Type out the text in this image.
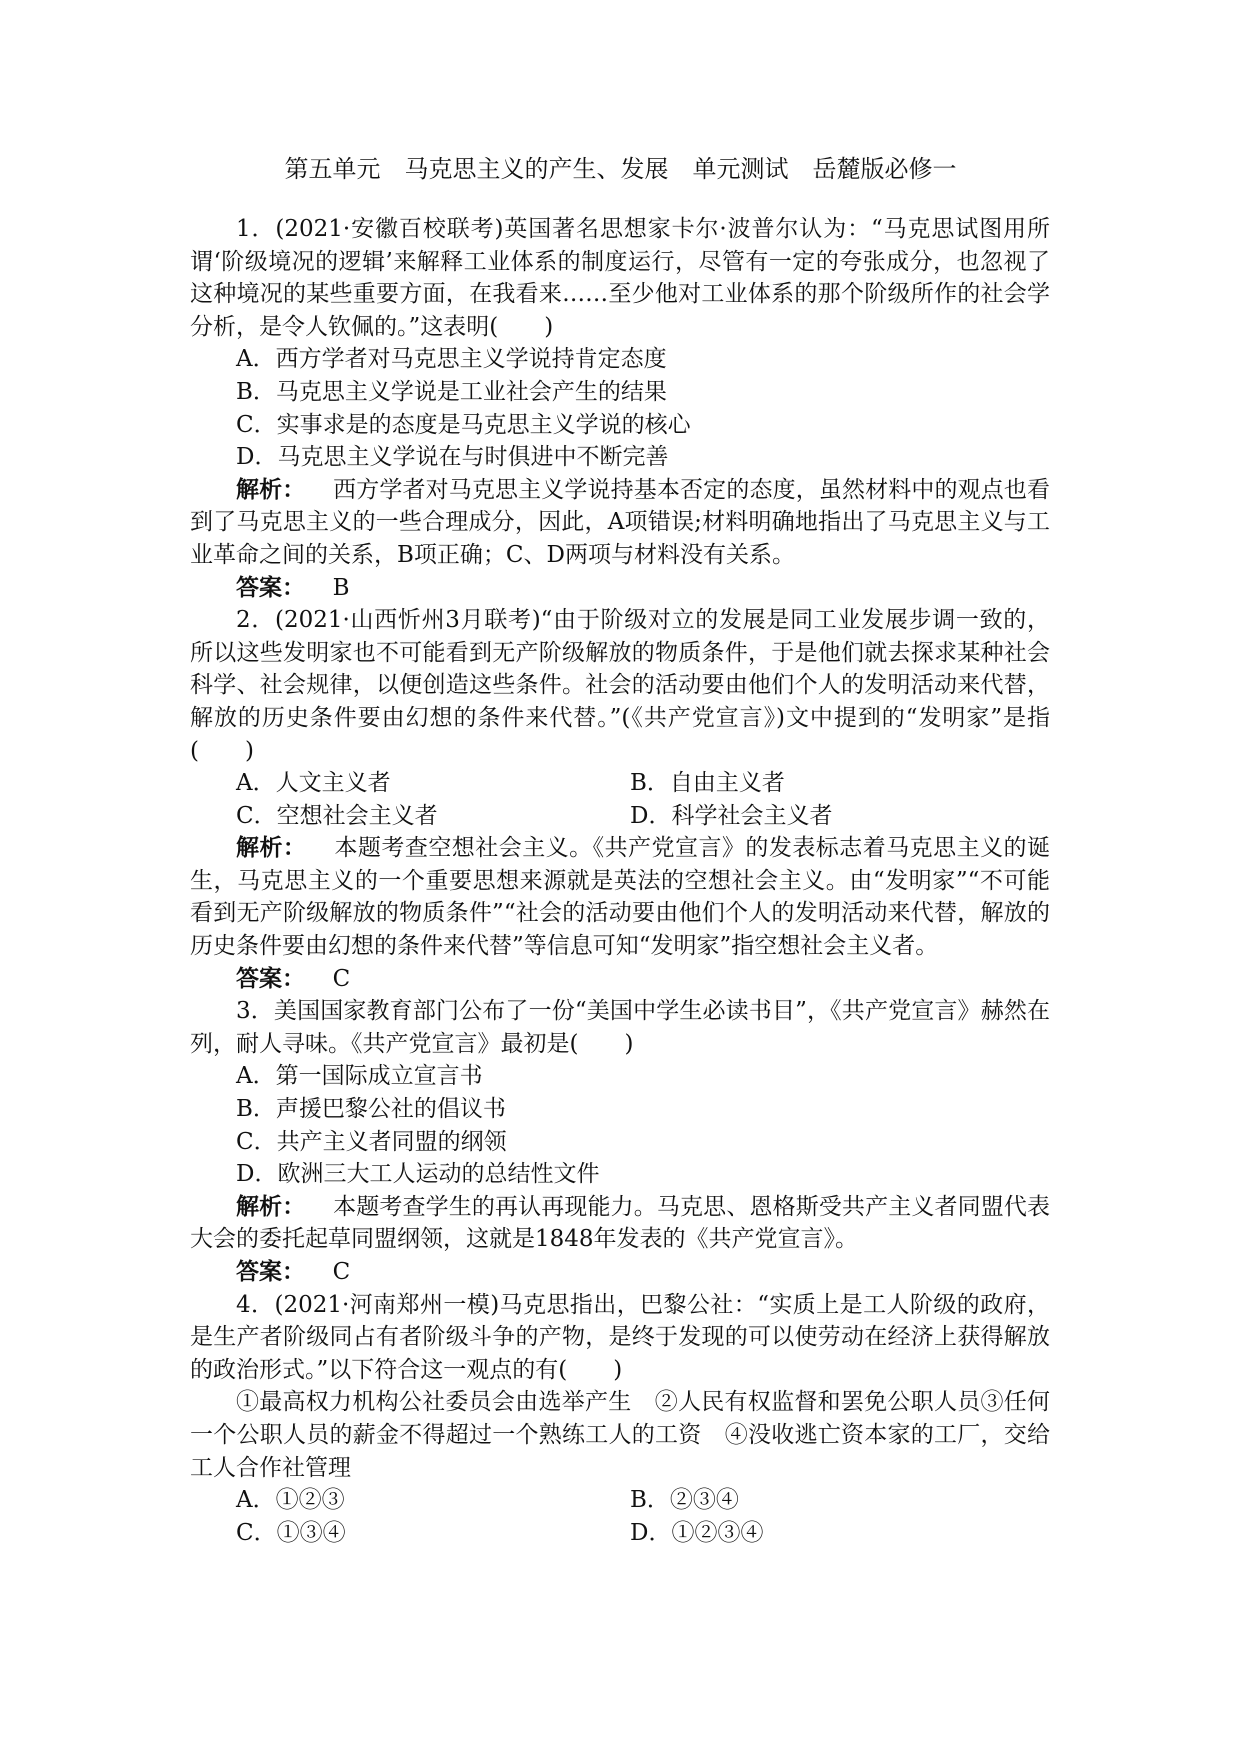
第五单元　马克思主义的产生、发展　单元测试　岳麓版必修一

1．(2021·安徽百校联考)英国著名思想家卡尔·波普尔认为：“马克思试图用所谓‘阶级境况的逻辑’来解释工业体系的制度运行，尽管有一定的夸张成分，也忽视了这种境况的某些重要方面，在我看来……至少他对工业体系的那个阶级所作的社会学分析，是令人钦佩的。”这表明(　　)

A．西方学者对马克思主义学说持肯定态度

B．马克思主义学说是工业社会产生的结果

C．实事求是的态度是马克思主义学说的核心

D．马克思主义学说在与时俱进中不断完善

解析： 西方学者对马克思主义学说持基本否定的态度，虽然材料中的观点也看到了马克思主义的一些合理成分，因此，A项错误;材料明确地指出了马克思主义与工业革命之间的关系，B项正确；C、D两项与材料没有关系。

答案： B

2．(2021·山西忻州3月联考)“由于阶级对立的发展是同工业发展步调一致的，所以这些发明家也不可能看到无产阶级解放的物质条件，于是他们就去探求某种社会科学、社会规律，以便创造这些条件。社会的活动要由他们个人的发明活动来代替，解放的历史条件要由幻想的条件来代替。”(《共产党宣言》)文中提到的“发明家”是指　(　　)

A．人文主义者	B．自由主义者
C．空想社会主义者	D．科学社会主义者

解析： 本题考查空想社会主义。《共产党宣言》的发表标志着马克思主义的诞生，马克思主义的一个重要思想来源就是英法的空想社会主义。由“发明家”“不可能看到无产阶级解放的物质条件”“社会的活动要由他们个人的发明活动来代替，解放的历史条件要由幻想的条件来代替”等信息可知“发明家”指空想社会主义者。

答案： C

3．美国国家教育部门公布了一份“美国中学生必读书目”，《共产党宣言》赫然在列，耐人寻味。《共产党宣言》最初是(　　)

A．第一国际成立宣言书

B．声援巴黎公社的倡议书

C．共产主义者同盟的纲领

D．欧洲三大工人运动的总结性文件

解析： 本题考查学生的再认再现能力。马克思、恩格斯受共产主义者同盟代表大会的委托起草同盟纲领，这就是1848年发表的《共产党宣言》。

答案： C

4．(2021·河南郑州一模)马克思指出，巴黎公社：“实质上是工人阶级的政府，是生产者阶级同占有者阶级斗争的产物，是终于发现的可以使劳动在经济上获得解放的政治形式。”以下符合这一观点的有(　　)

①最高权力机构公社委员会由选举产生　②人民有权监督和罢免公职人员③任何一个公职人员的薪金不得超过一个熟练工人的工资　④没收逃亡资本家的工厂，交给工人合作社管理

A．①②③	B．②③④
C．①③④	D．①②③④
